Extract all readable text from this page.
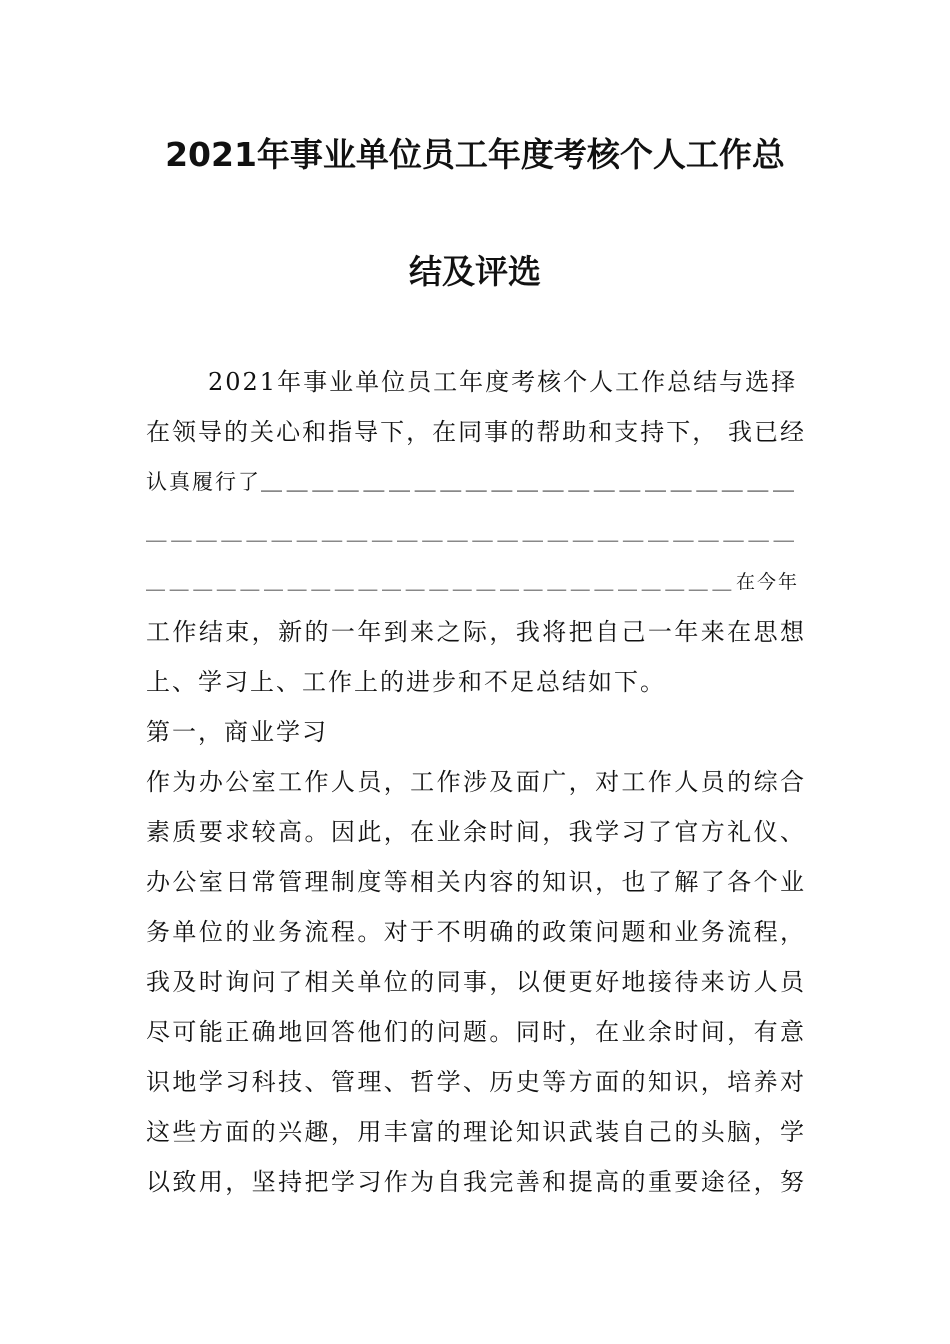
2021年事业单位员工年度考核个人工作总
结及评选
2021年事业单位员工年度考核个人工作总结与选择
在领导的关心和指导下，在同事的帮助和支持下， 我已经
认真履行了＿＿＿＿＿＿＿＿＿＿＿＿＿＿＿＿＿＿＿＿＿
＿＿＿＿＿＿＿＿＿＿＿＿＿＿＿＿＿＿＿＿＿＿＿＿＿＿
＿＿＿＿＿＿＿＿＿＿＿＿＿＿＿＿＿＿＿＿＿＿＿＿＿在今年
工作结束，新的一年到来之际，我将把自己一年来在思想
上、学习上、工作上的进步和不足总结如下。
第一，商业学习
作为办公室工作人员，工作涉及面广，对工作人员的综合
素质要求较高。因此，在业余时间，我学习了官方礼仪、
办公室日常管理制度等相关内容的知识，也了解了各个业
务单位的业务流程。对于不明确的政策问题和业务流程，
我及时询问了相关单位的同事，以便更好地接待来访人员
尽可能正确地回答他们的问题。同时，在业余时间，有意
识地学习科技、管理、哲学、历史等方面的知识，培养对
这些方面的兴趣，用丰富的理论知识武装自己的头脑，学
以致用，坚持把学习作为自我完善和提高的重要途径，努
